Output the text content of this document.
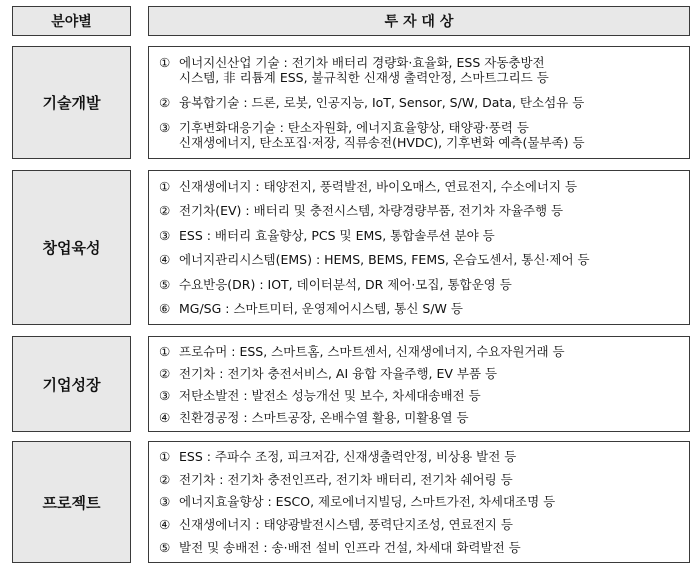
분야별	투 자 대 상
기술개발
① 에너지신산업 기술 : 전기차 배터리 경량화·효율화, ESS 자동충방전
시스템, 非 리튬계 ESS, 불규칙한 신재생 출력안정, 스마트그리드 등
② 융복합기술 : 드론, 로봇, 인공지능, IoT, Sensor, S/W, Data, 탄소섬유 등
③ 기후변화대응기술 : 탄소자원화, 에너지효율향상, 태양광·풍력 등
신재생에너지, 탄소포집·저장, 직류송전(HVDC), 기후변화 예측(물부족) 등
창업육성
① 신재생에너지 : 태양전지, 풍력발전, 바이오매스, 연료전지, 수소에너지 등
② 전기차(EV) : 배터리 및 충전시스템, 차량경량부품, 전기차 자율주행 등
③ ESS : 배터리 효율향상, PCS 및 EMS, 통합솔루션 분야 등
④ 에너지관리시스템(EMS) : HEMS, BEMS, FEMS, 온습도센서, 통신·제어 등
⑤ 수요반응(DR) : IOT, 데이터분석, DR 제어·모집, 통합운영 등
⑥ MG/SG : 스마트미터, 운영제어시스템, 통신 S/W 등
기업성장
① 프로슈머 : ESS, 스마트홈, 스마트센서, 신재생에너지, 수요자원거래 등
② 전기차 : 전기차 충전서비스, AI 융합 자율주행, EV 부품 등
③ 저탄소발전 : 발전소 성능개선 및 보수, 차세대송배전 등
④ 친환경공정 : 스마트공장, 온배수열 활용, 미활용열 등
프로젝트
① ESS : 주파수 조정, 피크저감, 신재생출력안정, 비상용 발전 등
② 전기차 : 전기차 충전인프라, 전기차 배터리, 전기차 쉐어링 등
③ 에너지효율향상 : ESCO, 제로에너지빌딩, 스마트가전, 차세대조명 등
④ 신재생에너지 : 태양광발전시스템, 풍력단지조성, 연료전지 등
⑤ 발전 및 송배전 : 송·배전 설비 인프라 건설, 차세대 화력발전 등
